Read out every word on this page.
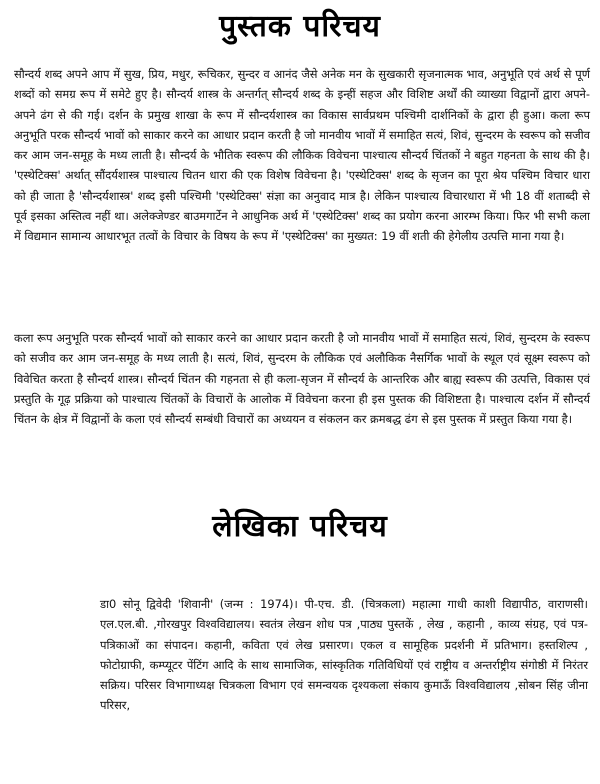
पुस्तक परिचय

सौन्दर्य शब्द अपने आप में सुख, प्रिय, मधुर, रूचिकर, सुन्दर व आनंद जैसे अनेक मन के सुखकारी सृजनात्मक भाव, अनुभूति एवं अर्थ से पूर्ण शब्दों को समग्र रूप में समेटे हुए है। सौन्दर्य शास्त्र के अन्तर्गत् सौन्दर्य शब्द के इन्हीं सहज और विशिष्ट अर्थों की व्याख्या विद्वानों द्वारा अपने-अपने ढंग से की गई। दर्शन के प्रमुख शाखा के रूप में सौन्दर्यशास्त्र का विकास सार्वप्रथम पश्चिमी दार्शनिकों के द्वारा ही हुआ। कला रूप अनुभूति परक सौन्दर्य भावों को साकार करने का आधार प्रदान करती है जो मानवीय भावों में समाहित सत्यं, शिवं, सुन्दरम के स्वरूप को सजीव कर आम जन-समूह के मध्य लाती है। सौन्दर्य के भौतिक स्वरूप की लौकिक विवेचना पाश्चात्य सौन्दर्य चिंतकों ने बहुत गहनता के साथ की है। 'एस्थेटिक्स' अर्थात् सौंदर्यशास्त्र पाश्चात्य चितन धारा की एक विशेष विवेचना है। 'एस्थेटिक्स' शब्द के सृजन का पूरा श्रेय पश्चिम विचार धारा को ही जाता है 'सौन्दर्यशास्त्र' शब्द इसी पश्चिमी 'एस्थेटिक्स' संज्ञा का अनुवाद मात्र है। लेकिन पाश्चात्य विचारधारा में भी 18 वीं शताब्दी से पूर्व इसका अस्तित्व नहीं था। अलेक्जेण्डर बाउमगार्टेन ने आधुनिक अर्थ में 'एस्थेटिक्स' शब्द का प्रयोग करना आरम्भ किया। फिर भी सभी कला में विद्यमान सामान्य आधारभूत तत्वों के विचार के विषय के रूप में 'एस्थेटिक्स' का मुख्यत: 19 वीं शती की हेगेलीय उत्पत्ति माना गया है।

कला रूप अनुभूति परक सौन्दर्य भावों को साकार करने का आधार प्रदान करती है जो मानवीय भावों में समाहित सत्यं, शिवं, सुन्दरम के स्वरूप को सजीव कर आम जन-समूह के मध्य लाती है। सत्यं, शिवं, सुन्दरम के लौकिक एवं अलौकिक नैसर्गिक भावों के स्थूल एवं सूक्ष्म स्वरूप को विवेचित करता है सौन्दर्य शास्त्र। सौन्दर्य चिंतन की गहनता से ही कला-सृजन में सौन्दर्य के आन्तरिक और बाह्य स्वरूप की उत्पत्ति, विकास एवं प्रस्तुति के गूढ़ प्रक्रिया को पाश्चात्य चिंतकों के विचारों के आलोक में विवेचना करना ही इस पुस्तक की विशिष्टता है। पाश्चात्य दर्शन में सौन्दर्य चिंतन के क्षेत्र में विद्वानों के कला एवं सौन्दर्य सम्बंधी विचारों का अध्ययन व संकलन कर क्रमबद्ध ढंग से इस पुस्तक में प्रस्तुत किया गया है।

लेखिका परिचय

डा0 सोनू द्विवेदी 'शिवानी' (जन्म : 1974)। पी-एच. डी. (चित्रकला) महात्मा गाधी काशी विद्यापीठ, वाराणसी। एल.एल.बी. ,गोरखपुर विश्वविद्यालय। स्वतंत्र लेखन शोध पत्र ,पाठ्य पुस्तकें , लेख , कहानी , काव्य संग्रह, एवं पत्र-पत्रिकाओं का संपादन। कहानी, कविता एवं लेख प्रसारण। एकल व सामूहिक प्रदर्शनी में प्रतिभाग। हस्तशिल्प , फोटोग्राफी, कम्प्यूटर पेंटिंग आदि के साथ सामाजिक, सांस्कृतिक गतिविधियों एवं राष्ट्रीय व अन्तर्राष्ट्रीय संगोष्ठी में निरंतर सक्रिय। परिसर विभागाध्यक्ष चित्रकला विभाग एवं समन्वयक दृश्यकला संकाय कुमाऊँ विश्वविद्यालय ,सोबन सिंह जीना परिसर,
